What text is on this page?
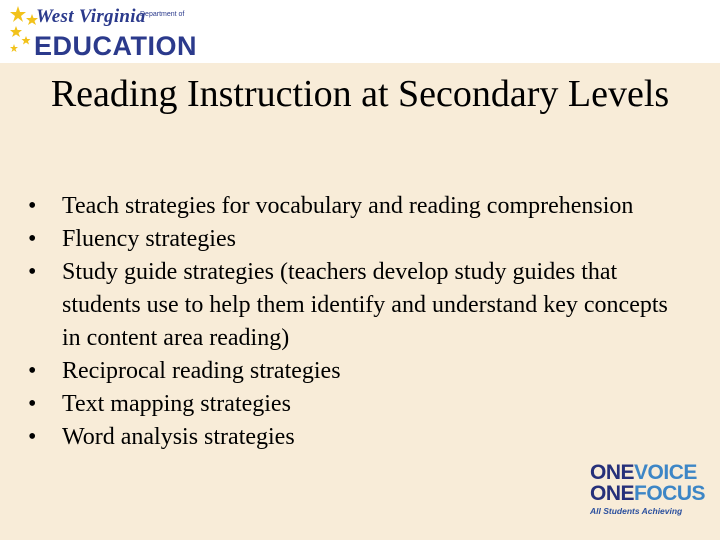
West Virginia
Department of
EDUCATION
Reading Instruction at Secondary Levels
• Teach strategies for vocabulary and reading comprehension
• Fluency strategies
• Study guide strategies (teachers develop study guides that students use to help them identify and understand key concepts in content area reading)
• Reciprocal reading strategies
• Text mapping strategies
• Word analysis strategies
ONEVOICE
ONEFOCUS
All Students Achieving
